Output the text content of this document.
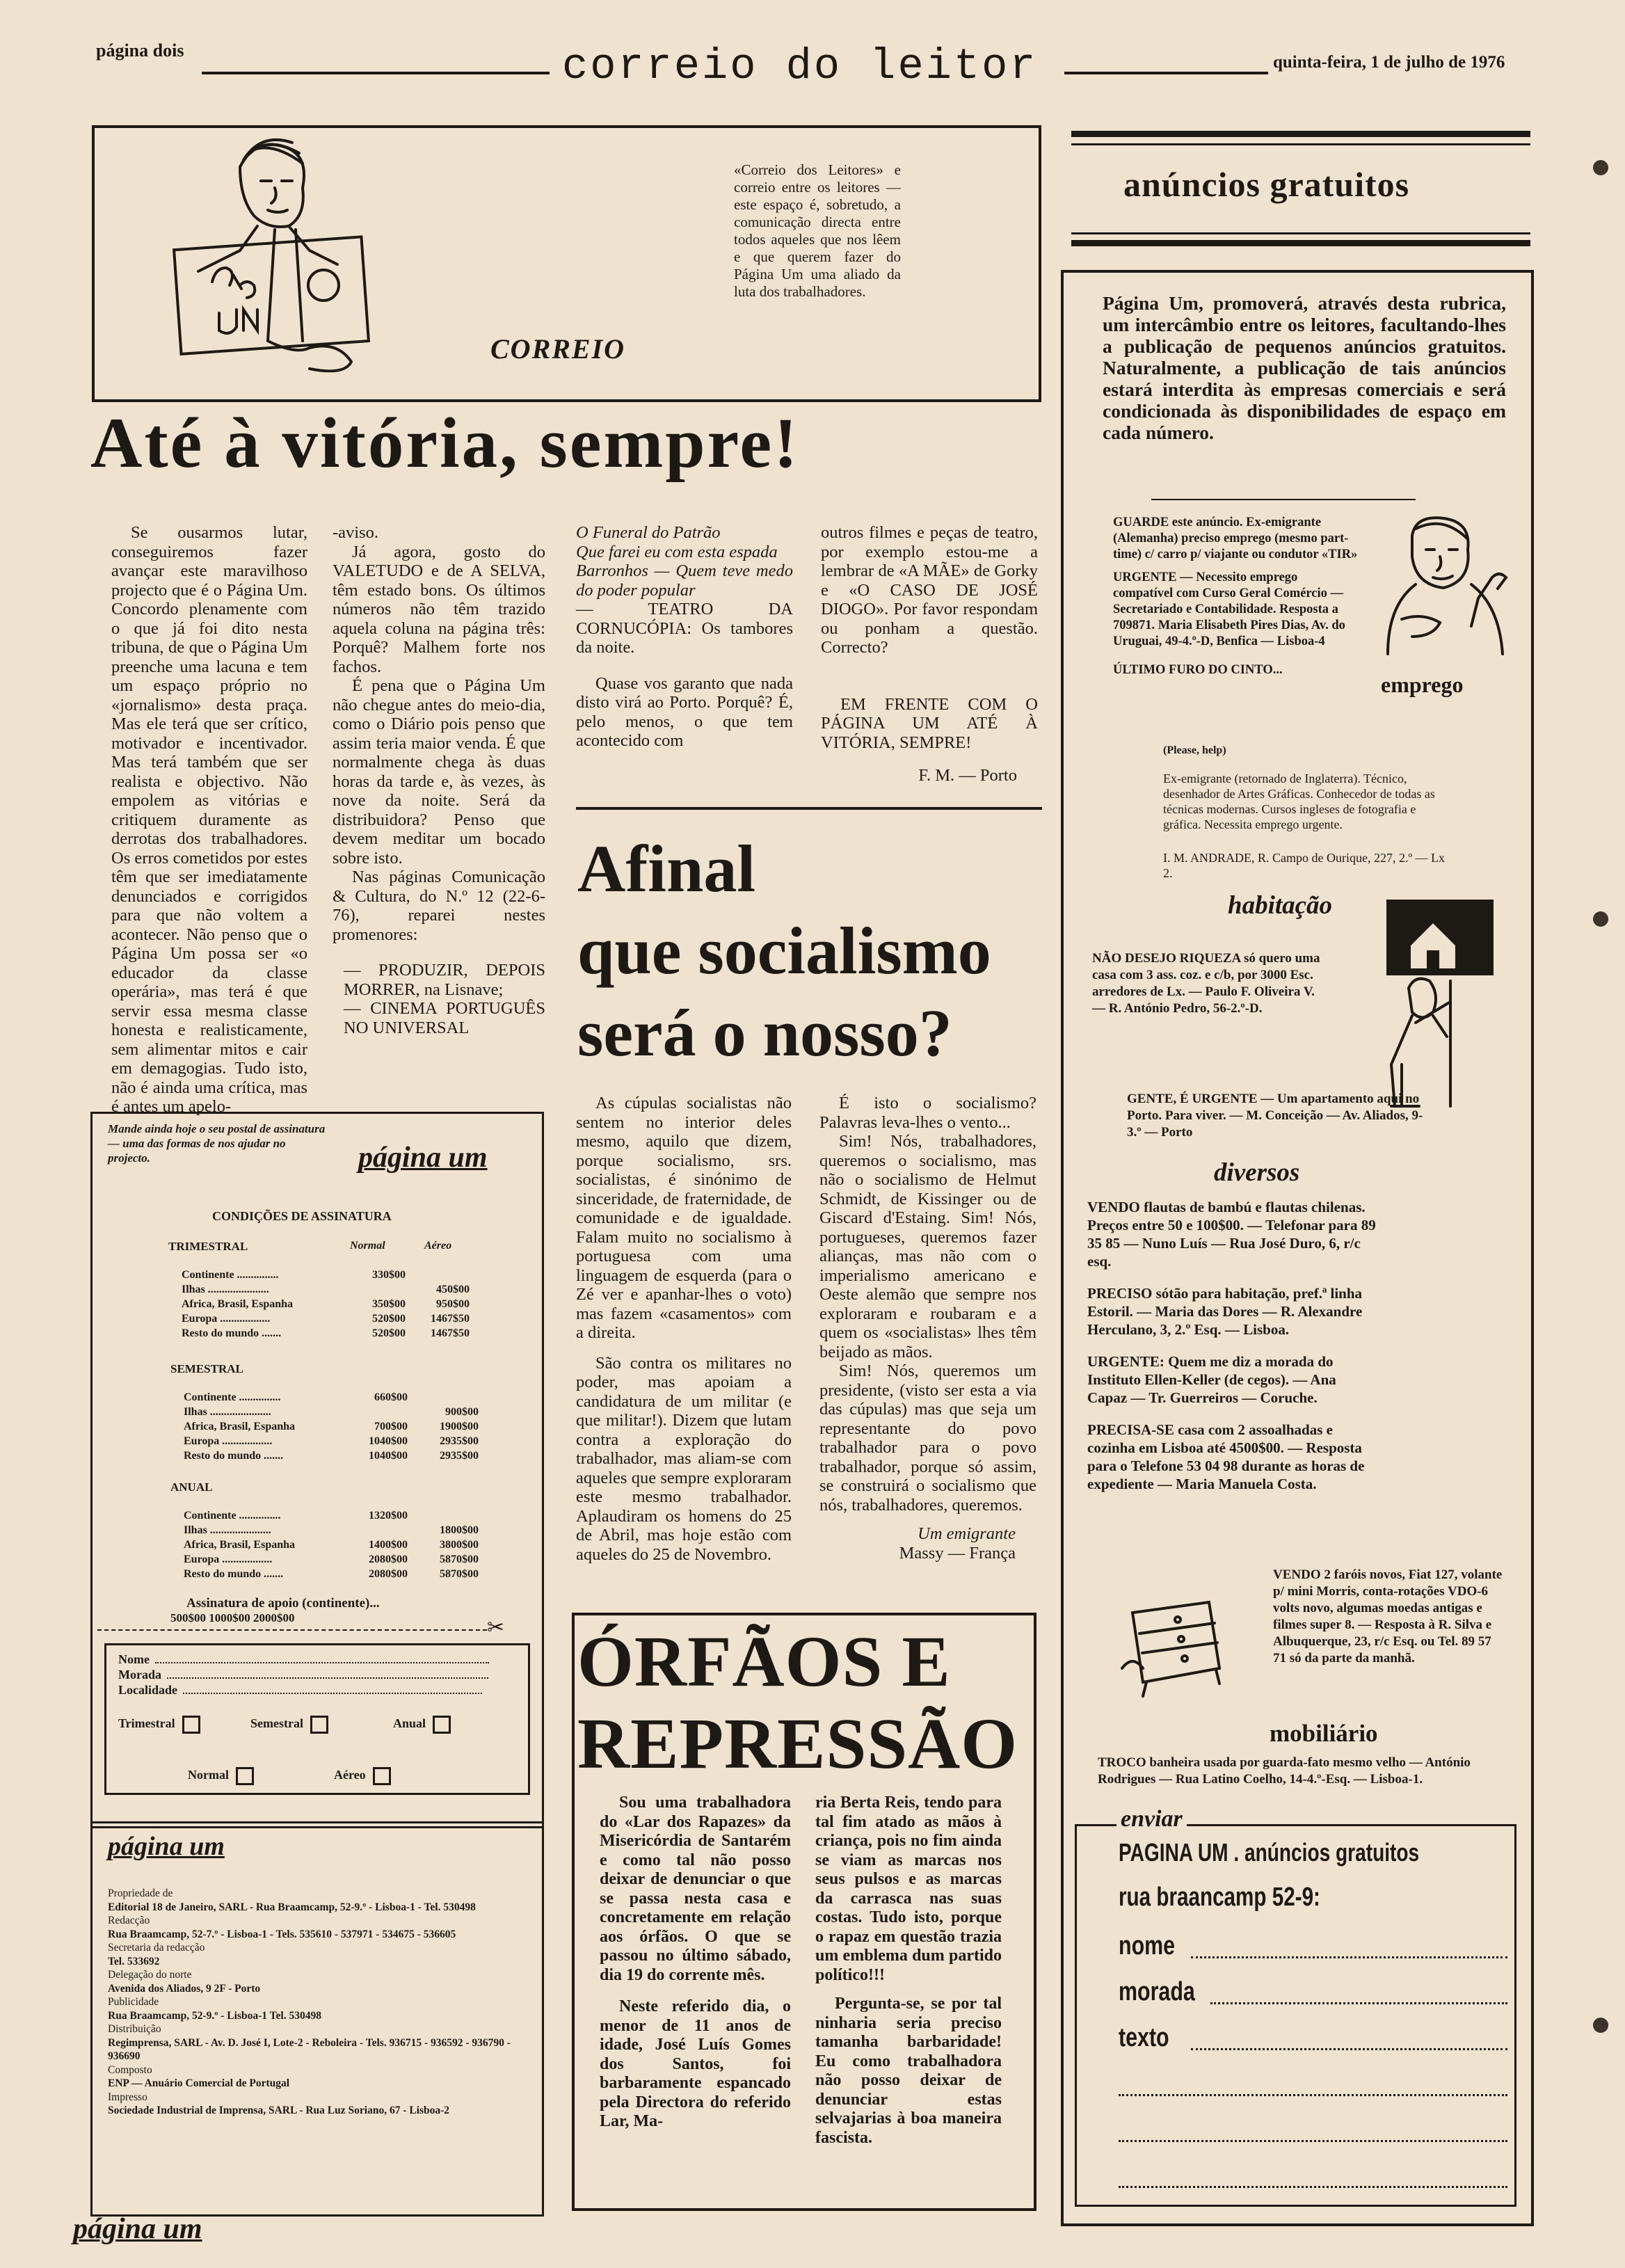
página dois	correio do leitor	quinta-feira, 1 de julho de 1976
CORREIO
«Correio dos Leitores» e correio entre os leitores — este espaço é, sobretudo, a comunicação directa entre todos aqueles que nos lêem e que querem fazer do Página Um uma aliado da luta dos trabalhadores.
Até à vitória, sempre!

Se ousarmos lutar, conseguiremos fazer avançar este maravilhoso projecto que é o Página Um. Concordo plenamente com o que já foi dito nesta tribuna, de que o Página Um preenche uma lacuna e tem um espaço próprio no «jornalismo» desta praça. Mas ele terá que ser crítico, motivador e incentivador. Mas terá também que ser realista e objectivo. Não empolem as vitórias e critiquem duramente as derrotas dos trabalhadores. Os erros cometidos por estes têm que ser imediatamente denunciados e corrigidos para que não voltem a acontecer. Não penso que o Página Um possa ser «o educador da classe operária», mas terá é que servir essa mesma classe honesta e realisticamente, sem alimentar mitos e cair em demagogias. Tudo isto, não é ainda uma crítica, mas é antes um apelo-

-aviso.

Já agora, gosto do VALETUDO e de A SELVA, têm estado bons. Os últimos números não têm trazido aquela coluna na página três: Porquê? Malhem forte nos fachos.

É pena que o Página Um não chegue antes do meio-dia, como o Diário pois penso que assim teria maior venda. É que normalmente chega às duas horas da tarde e, às vezes, às nove da noite. Será da distribuidora? Penso que devem meditar um bocado sobre isto.

Nas páginas Comunicação & Cultura, do N.º 12 (22-6-76), reparei nestes promenores:

— PRODUZIR, DEPOIS MORRER, na Lisnave;

— CINEMA PORTUGUÊS NO UNIVERSAL

O Funeral do Patrão

Que farei eu com esta espada

Barronhos — Quem teve medo do poder popular

— TEATRO DA CORNUCÓPIA: Os tambores da noite.

Quase vos garanto que nada disto virá ao Porto. Porquê? É, pelo menos, o que tem acontecido com

outros filmes e peças de teatro, por exemplo estou-me a lembrar de «A MÃE» de Gorky e «O CASO DE JOSÉ DIOGO». Por favor respondam ou ponham a questão. Correcto?

EM FRENTE COM O PÁGINA UM ATÉ À VITÓRIA, SEMPRE!

F. M. — Porto

Mande ainda hoje o seu postal de assinatura — uma das formas de nos ajudar no projecto.	página um
CONDIÇÕES DE ASSINATURA
TRIMESTRAL	Normal	Aéreo
Continente ...............	330$00	
Ilhas ......................		450$00
Africa, Brasil, Espanha	350$00	950$00
Europa ..................	520$00	1467$50
Resto do mundo .......	520$00	1467$50
SEMESTRAL
Continente ...............	660$00	
Ilhas ......................		900$00
Africa, Brasil, Espanha	700$00	1900$00
Europa ..................	1040$00	2935$00
Resto do mundo .......	1040$00	2935$00
ANUAL
Continente ...............	1320$00	
Ilhas ......................		1800$00
Africa, Brasil, Espanha	1400$00	3800$00
Europa ..................	2080$00	5870$00
Resto do mundo .......	2080$00	5870$00
Assinatura de apoio (continente)...
500$00 1000$00 2000$00	✂
Nome
Morada
Localidade
Trimestral	Semestral	Anual
Normal	Aéreo
página um
Propriedade de
Editorial 18 de Janeiro, SARL - Rua Braamcamp, 52-9.º - Lisboa-1 - Tel. 530498
Redacção
Rua Braamcamp, 52-7.º - Lisboa-1 - Tels. 535610 - 537971 - 534675 - 536605
Secretaria da redacção
Tel. 533692
Delegação do norte
Avenida dos Aliados, 9 2F - Porto
Publicidade
Rua Braamcamp, 52-9.º - Lisboa-1 Tel. 530498
Distribuição
Regimprensa, SARL - Av. D. José I, Lote-2 - Reboleira - Tels. 936715 - 936592 - 936790 - 936690
Composto
ENP — Anuário Comercial de Portugal
Impresso
Sociedade Industrial de Imprensa, SARL - Rua Luz Soriano, 67 - Lisboa-2
página um
Afinal
que socialismo
será o nosso?

As cúpulas socialistas não sentem no interior deles mesmo, aquilo que dizem, porque socialismo, srs. socialistas, é sinónimo de sinceridade, de fraternidade, de comunidade e de igualdade. Falam muito no socialismo à portuguesa com uma linguagem de esquerda (para o Zé ver e apanhar-lhes o voto) mas fazem «casamentos» com a direita.

São contra os militares no poder, mas apoiam a candidatura de um militar (e que militar!). Dizem que lutam contra a exploração do trabalhador, mas aliam-se com aqueles que sempre exploraram este mesmo trabalhador. Aplaudiram os homens do 25 de Abril, mas hoje estão com aqueles do 25 de Novembro.

É isto o socialismo? Palavras leva-lhes o vento...

Sim! Nós, trabalhadores, queremos o socialismo, mas não o socialismo de Helmut Schmidt, de Kissinger ou de Giscard d'Estaing. Sim! Nós, portugueses, queremos fazer alianças, mas não com o imperialismo americano e Oeste alemão que sempre nos exploraram e roubaram e a quem os «socialistas» lhes têm beijado as mãos.

Sim! Nós, queremos um presidente, (visto ser esta a via das cúpulas) mas que seja um representante do povo trabalhador para o povo trabalhador, porque só assim, se construirá o socialismo que nós, trabalhadores, queremos.

Um emigrante

Massy — França

ÓRFÃOS E
REPRESSÃO

Sou uma trabalhadora do «Lar dos Rapazes» da Misericórdia de Santarém e como tal não posso deixar de denunciar o que se passa nesta casa e concretamente em relação aos órfãos. O que se passou no último sábado, dia 19 do corrente mês.

Neste referido dia, o menor de 11 anos de idade, José Luís Gomes dos Santos, foi barbaramente espancado pela Directora do referido Lar, Ma-

ria Berta Reis, tendo para tal fim atado as mãos à criança, pois no fim ainda se viam as marcas nos seus pulsos e as marcas da carrasca nas suas costas. Tudo isto, porque o rapaz em questão trazia um emblema dum partido político!!!

Pergunta-se, se por tal ninharia seria preciso tamanha barbaridade! Eu como trabalhadora não posso deixar de denunciar estas selvajarias à boa maneira fascista.

anúncios gratuitos
Página Um, promoverá, através desta rubrica, um intercâmbio entre os leitores, facultando-lhes a publicação de pequenos anúncios gratuitos. Naturalmente, a publicação de tais anúncios estará interdita às empresas comerciais e será condicionada às disponibilidades de espaço em cada número.
GUARDE este anúncio. Ex-emigrante (Alemanha) preciso emprego (mesmo part-time) c/ carro p/ viajante ou condutor «TIR»
URGENTE — Necessito emprego compatível com Curso Geral Comércio — Secretariado e Contabilidade. Resposta a 709871. Maria Elisabeth Pires Dias, Av. do Uruguai, 49-4.º-D, Benfica — Lisboa-4
ÚLTIMO FURO DO CINTO...
(Please, help)
Ex-emigrante (retornado de Inglaterra). Técnico, desenhador de Artes Gráficas. Conhecedor de todas as técnicas modernas. Cursos ingleses de fotografia e gráfica. Necessita emprego urgente.
I. M. ANDRADE, R. Campo de Ourique, 227, 2.º — Lx 2.
emprego
habitação
NÃO DESEJO RIQUEZA só quero uma casa com 3 ass. coz. e c/b, por 3000 Esc. arredores de Lx. — Paulo F. Oliveira V. — R. António Pedro, 56-2.º-D.
GENTE, É URGENTE — Um apartamento aqui no Porto. Para viver. — M. Conceição — Av. Aliados, 9-3.º — Porto
diversos
VENDO flautas de bambú e flautas chilenas. Preços entre 50 e 100$00. — Telefonar para 89 35 85 — Nuno Luís — Rua José Duro, 6, r/c esq.
PRECISO sótão para habitação, pref.ª linha Estoril. — Maria das Dores — R. Alexandre Herculano, 3, 2.º Esq. — Lisboa.
URGENTE: Quem me diz a morada do Instituto Ellen-Keller (de cegos). — Ana Capaz — Tr. Guerreiros — Coruche.
PRECISA-SE casa com 2 assoalhadas e cozinha em Lisboa até 4500$00. — Resposta para o Telefone 53 04 98 durante as horas de expediente — Maria Manuela Costa.
VENDO 2 faróis novos, Fiat 127, volante p/ mini Morris, conta-rotações VDO-6 volts novo, algumas moedas antigas e filmes super 8. — Resposta à R. Silva e Albuquerque, 23, r/c Esq. ou Tel. 89 57 71 só da parte da manhã.
mobiliário
TROCO banheira usada por guarda-fato mesmo velho — António Rodrigues — Rua Latino Coelho, 14-4.º-Esq. — Lisboa-1.
enviar
PAGINA UM . anúncios gratuitos
rua braancamp 52-9:
nome
morada
texto
